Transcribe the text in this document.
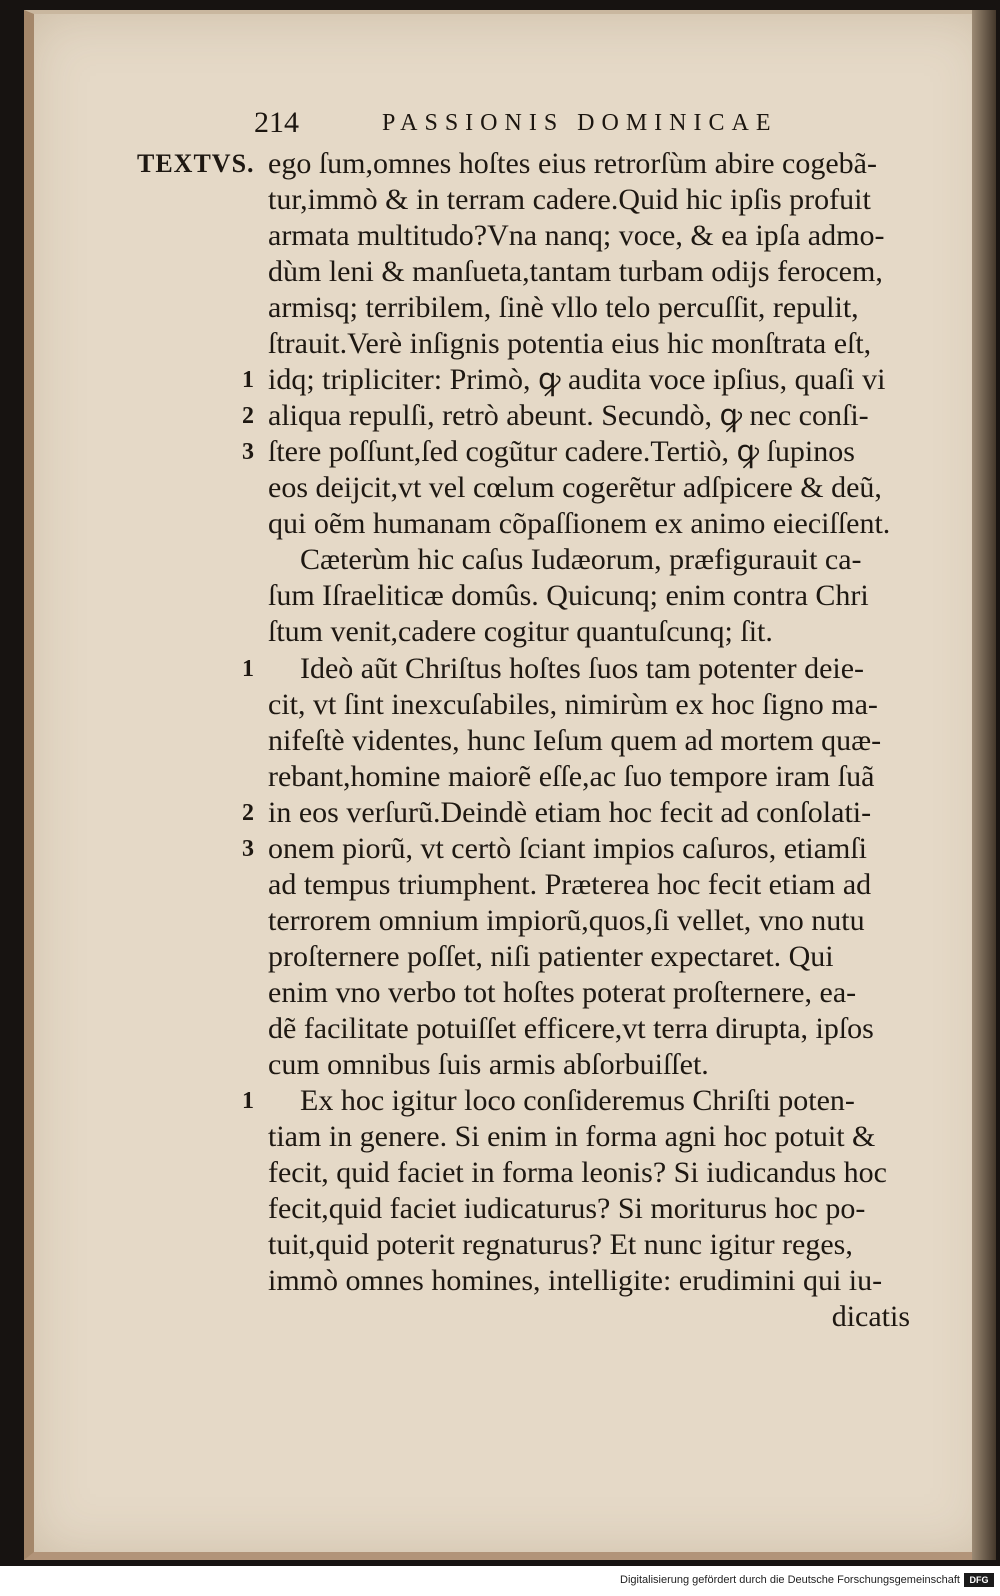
214	PASSIONIS DOMINICAE
TEXTVS.
1
2
3
1
2
3
1
ego ſum,omnes hoſtes eius retrorſùm abire cogebã-
tur,immò & in terram cadere.Quid hic ipſis profuit
armata multitudo?Vna nanq; voce, & ea ipſa admo-
dùm leni & manſueta,tantam turbam odijs ferocem,
armisq; terribilem, ſinè vllo telo percuſſit, repulit,
ſtrauit.Verè inſignis potentia eius hic monſtrata eſt,
idq; tripliciter: Primò, ꝙ audita voce ipſius, quaſi vi
aliqua repulſi, retrò abeunt. Secundò, ꝙ nec conſi-
ſtere poſſunt,ſed cogũtur cadere.Tertiò, ꝙ ſupinos
eos deijcit,vt vel cœlum cogerẽtur adſpicere & deũ,
qui oẽm humanam cõpaſſionem ex animo eieciſſent.
Cæterùm hic caſus Iudæorum, præfigurauit ca-
ſum Iſraeliticæ domûs. Quicunq; enim contra Chri
ſtum venit,cadere cogitur quantuſcunq; ſit.
Ideò aũt Chriſtus hoſtes ſuos tam potenter deie-
cit, vt ſint inexcuſabiles, nimirùm ex hoc ſigno ma-
nifeſtè videntes, hunc Ieſum quem ad mortem quæ-
rebant,homine maiorẽ eſſe,ac ſuo tempore iram ſuã
in eos verſurũ.Deindè etiam hoc fecit ad conſolati-
onem piorũ, vt certò ſciant impios caſuros, etiamſi
ad tempus triumphent. Præterea hoc fecit etiam ad
terrorem omnium impiorũ,quos,ſi vellet, vno nutu
proſternere poſſet, niſi patienter expectaret. Qui
enim vno verbo tot hoſtes poterat proſternere, ea-
dẽ facilitate potuiſſet efficere,vt terra dirupta, ipſos
cum omnibus ſuis armis abſorbuiſſet.
Ex hoc igitur loco conſideremus Chriſti poten-
tiam in genere. Si enim in forma agni hoc potuit &
fecit, quid faciet in forma leonis? Si iudicandus hoc
fecit,quid faciet iudicaturus? Si moriturus hoc po-
tuit,quid poterit regnaturus? Et nunc igitur reges,
immò omnes homines, intelligite: erudimini qui iu-
dicatis
Digitalisierung gefördert durch die Deutsche Forschungsgemeinschaft	DFG
